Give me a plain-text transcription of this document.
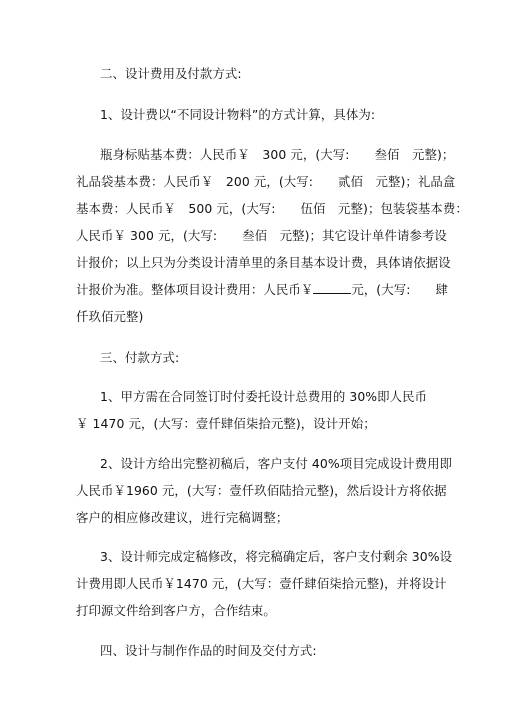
二、设计费用及付款方式:
1、设计费以“不同设计物料”的方式计算，具体为:
瓶身标贴基本费：人民币￥　300 元，(大写:　　叁佰　元整)；
礼品袋基本费：人民币￥　200 元，(大写:　　贰佰　元整)；礼品盒
基本费：人民币￥　500 元，(大写:　　伍佰　元整)；包装袋基本费：
人民币￥ 300 元，(大写:　　叁佰　元整)；其它设计单件请参考设
计报价；以上只为分类设计清单里的条目基本设计费，具体请依据设
计报价为准。整体项目设计费用：人民币￥	元，(大写:　　肆
仟玖佰元整)
三、付款方式:
1、甲方需在合同签订时付委托设计总费用的 30%即人民币
￥ 1470 元，(大写：壹仟肆佰柒拾元整)，设计开始；
2、设计方给出完整初稿后，客户支付 40%项目完成设计费用即
人民币￥1960 元，(大写：壹仟玖佰陆拾元整)，然后设计方将依据
客户的相应修改建议，进行完稿调整；
3、设计师完成定稿修改，将完稿确定后，客户支付剩余 30%设
计费用即人民币￥1470 元，(大写：壹仟肆佰柒拾元整)，并将设计
打印源文件给到客户方，合作结束。
四、设计与制作作品的时间及交付方式:
